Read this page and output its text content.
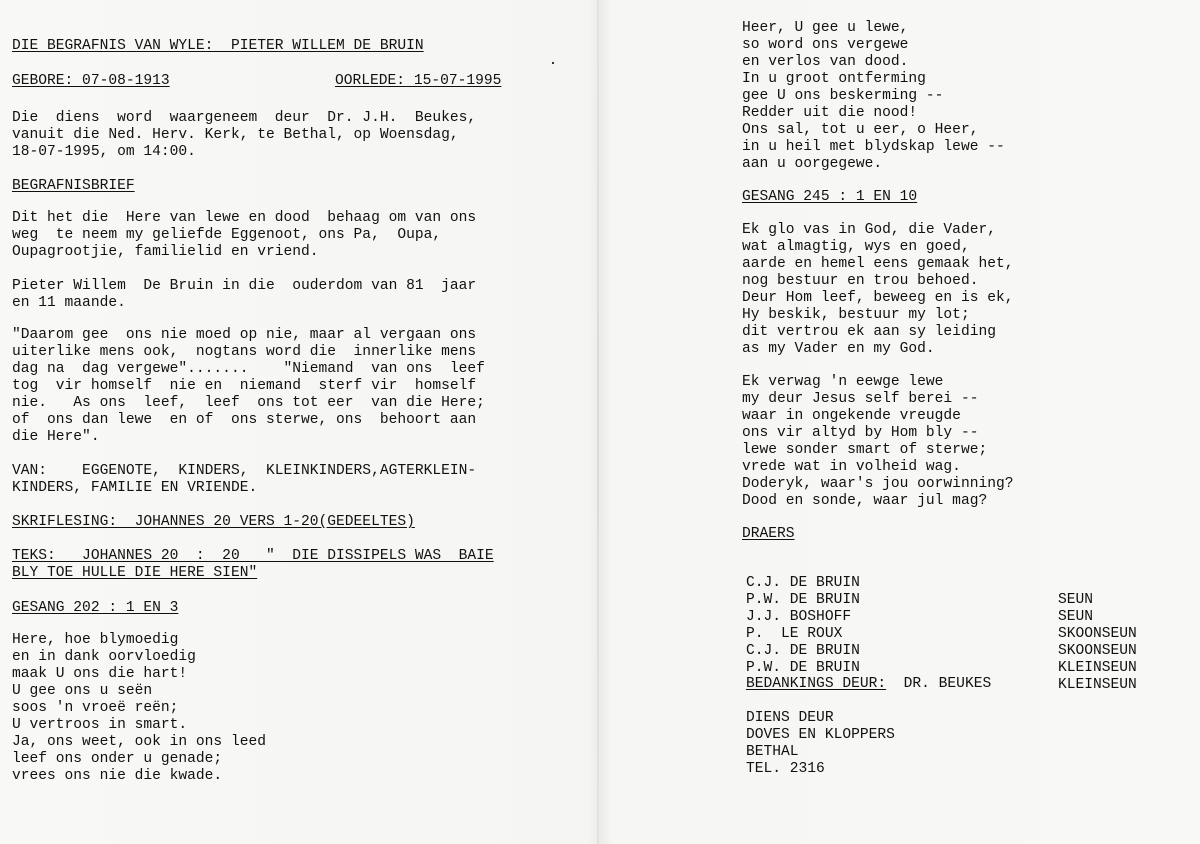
DIE BEGRAFNIS VAN WYLE:  PIETER WILLEM DE BRUIN

GEBORE: 07-08-1913

	OORLEDE: 15-07-1995

Die  diens  word  waargeneem  deur  Dr. J.H.  Beukes,

vanuit die Ned. Herv. Kerk, te Bethal, op Woensdag,

18-07-1995, om 14:00.

BEGRAFNISBRIEF

Dit het die  Here van lewe en dood  behaag om van ons

weg  te neem my geliefde Eggenoot, ons Pa,  Oupa,

Oupagrootjie, familielid en vriend.

Pieter Willem  De Bruin in die  ouderdom van 81  jaar

en 11 maande.

"Daarom gee  ons nie moed op nie, maar al vergaan ons

uiterlike mens ook,  nogtans word die  innerlike mens

dag na  dag vergewe".......    "Niemand  van ons  leef

tog  vir homself  nie en  niemand  sterf vir  homself

nie.   As ons  leef,  leef  ons tot eer  van die Here;

of  ons dan lewe  en of  ons sterwe, ons  behoort aan

die Here".

VAN:    EGGENOTE,  KINDERS,  KLEINKINDERS,AGTERKLEIN-

KINDERS, FAMILIE EN VRIENDE.

SKRIFLESING:  JOHANNES 20 VERS 1-20(GEDEELTES)

TEKS:   JOHANNES 20  :  20   "  DIE DISSIPELS WAS  BAIE

BLY TOE HULLE DIE HERE SIEN"

GESANG 202 : 1 EN 3

Here, hoe blymoedig

en in dank oorvloedig

maak U ons die hart!

U gee ons u seën

soos 'n vroeë reën;

U vertroos in smart.

Ja, ons weet, ook in ons leed

leef ons onder u genade;

vrees ons nie die kwade.

Heer, U gee u lewe,

so word ons vergewe

en verlos van dood.

In u groot ontferming

gee U ons beskerming --

Redder uit die nood!

Ons sal, tot u eer, o Heer,

in u heil met blydskap lewe --

aan u oorgegewe.

GESANG 245 : 1 EN 10

Ek glo vas in God, die Vader,

wat almagtig, wys en goed,

aarde en hemel eens gemaak het,

nog bestuur en trou behoed.

Deur Hom leef, beweeg en is ek,

Hy beskik, bestuur my lot;

dit vertrou ek aan sy leiding

as my Vader en my God.

Ek verwag 'n eewge lewe

my deur Jesus self berei --

waar in ongekende vreugde

ons vir altyd by Hom bly --

lewe sonder smart of sterwe;

vrede wat in volheid wag.

Doderyk, waar's jou oorwinning?

Dood en sonde, waar jul mag?

DRAERS

C.J. DE BRUIN

SEUN

P.W. DE BRUIN

SEUN

J.J. BOSHOFF

SKOONSEUN

P.  LE ROUX

SKOONSEUN

C.J. DE BRUIN

KLEINSEUN

P.W. DE BRUIN

KLEINSEUN

BEDANKINGS DEUR:  DR. BEUKES

DIENS DEUR

DOVES EN KLOPPERS

BETHAL

TEL. 2316
